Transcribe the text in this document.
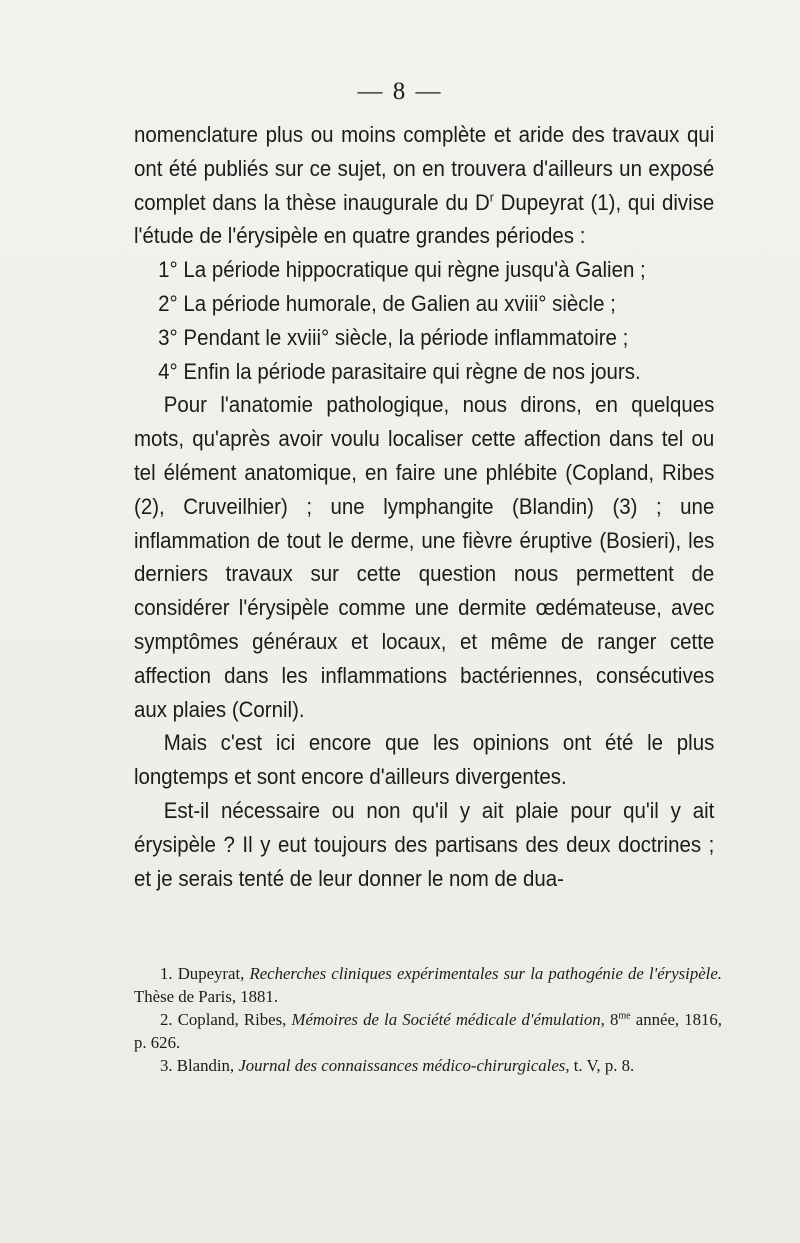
— 8 —

nomenclature plus ou moins complète et aride des travaux qui ont été publiés sur ce sujet, on en trouvera d'ailleurs un exposé complet dans la thèse inaugurale du $D^r$ Dupeyrat (1), qui divise l'étude de l'érysipèle en quatre grandes périodes :

1° La période hippocratique qui règne jusqu'à Galien ;

2° La période humorale, de Galien au xviii° siècle ;

3° Pendant le xviii° siècle, la période inflammatoire ;

4° Enfin la période parasitaire qui règne de nos jours.

Pour l'anatomie pathologique, nous dirons, en quelques mots, qu'après avoir voulu localiser cette affection dans tel ou tel élément anatomique, en faire une phlébite (Copland, Ribes (2), Cruveilhier) ; une lymphangite (Blandin) (3) ; une inflammation de tout le derme, une fièvre éruptive (Bosieri), les derniers travaux sur cette question nous permettent de considérer l'érysipèle comme une dermite œdémateuse, avec symptômes généraux et locaux, et même de ranger cette affection dans les inflammations bactériennes, consécutives aux plaies (Cornil).

Mais c'est ici encore que les opinions ont été le plus longtemps et sont encore d'ailleurs divergentes.

Est-il nécessaire ou non qu'il y ait plaie pour qu'il y ait érysipèle ? Il y eut toujours des partisans des deux doctrines ; et je serais tenté de leur donner le nom de dua-

1. Dupeyrat, Recherches cliniques expérimentales sur la pathogénie de l'érysipèle. Thèse de Paris, 1881.

2. Copland, Ribes, Mémoires de la Société médicale d'émulation, $8^{me}$ année, 1816, p. 626.

3. Blandin, Journal des connaissances médico-chirurgicales, t. V, p. 8.
